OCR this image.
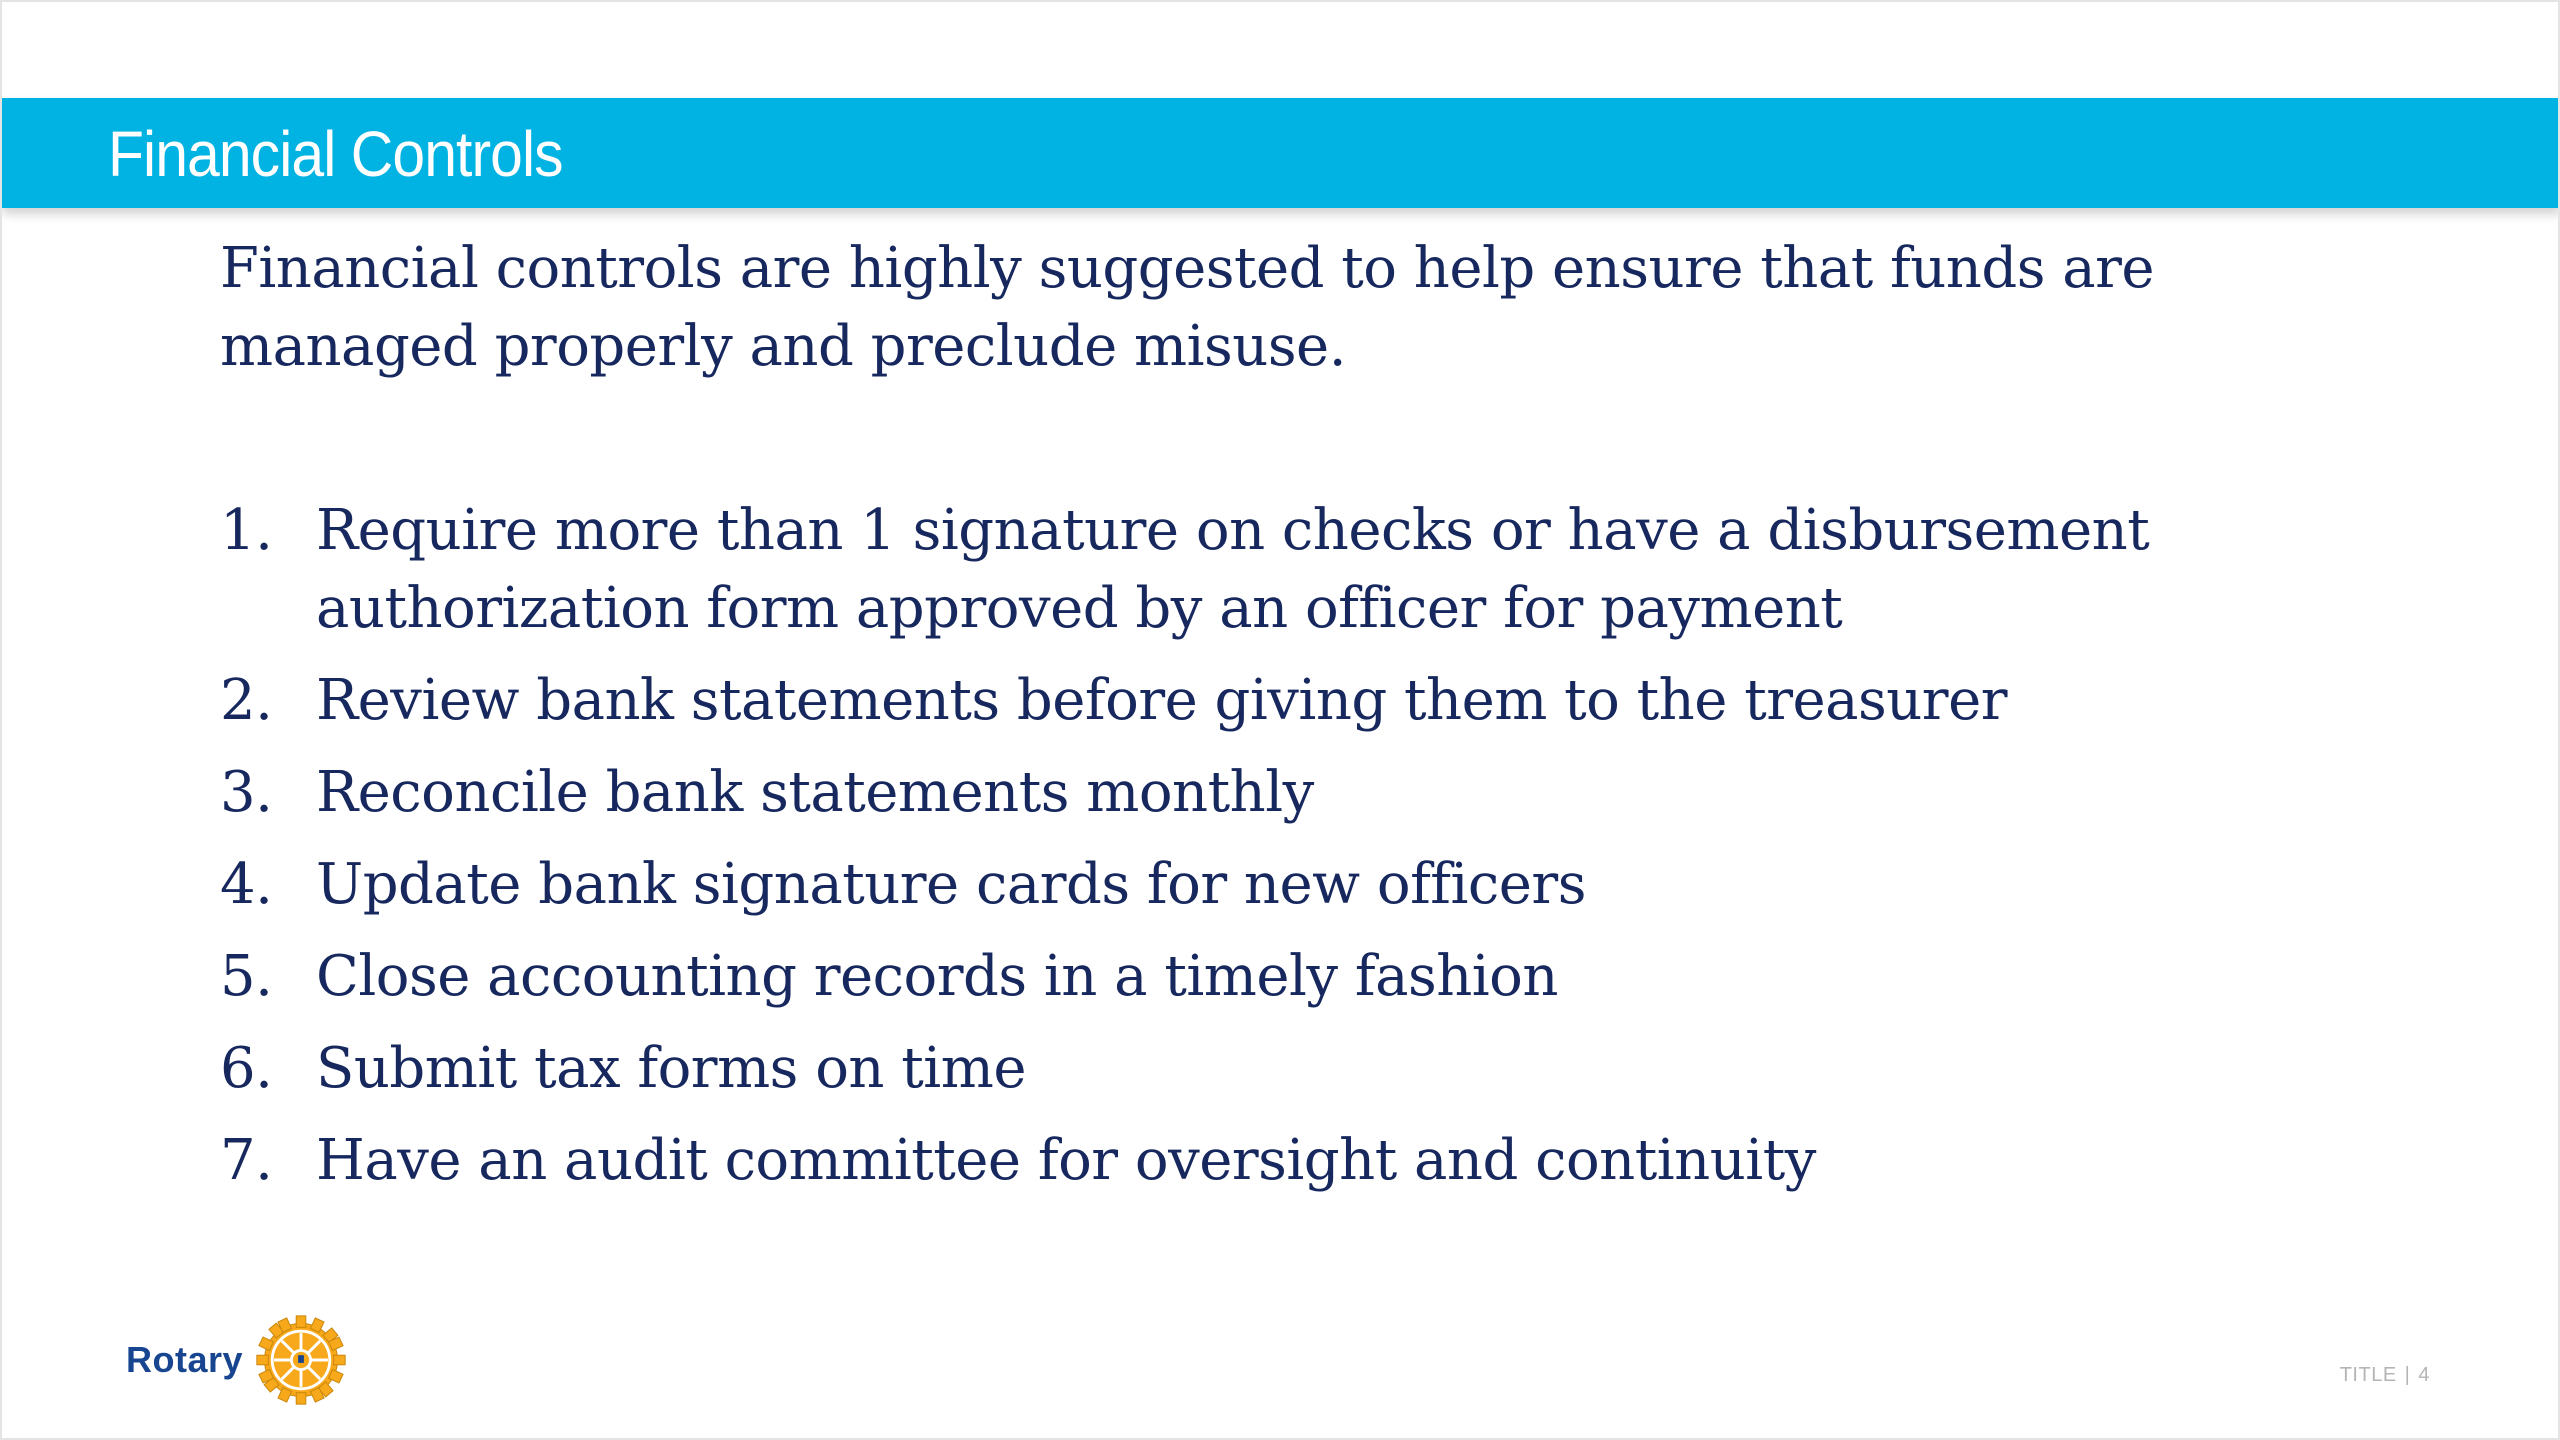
Financial Controls

Financial controls are highly suggested to help ensure that funds are managed properly and preclude misuse.

1. Require more than 1 signature on checks or have a disbursement authorization form approved by an officer for payment
2. Review bank statements before giving them to the treasurer
3. Reconcile bank statements monthly
4. Update bank signature cards for new officers
5. Close accounting records in a timely fashion
6. Submit tax forms on time
7. Have an audit committee for oversight and continuity
Rotary	TITLE | 4
